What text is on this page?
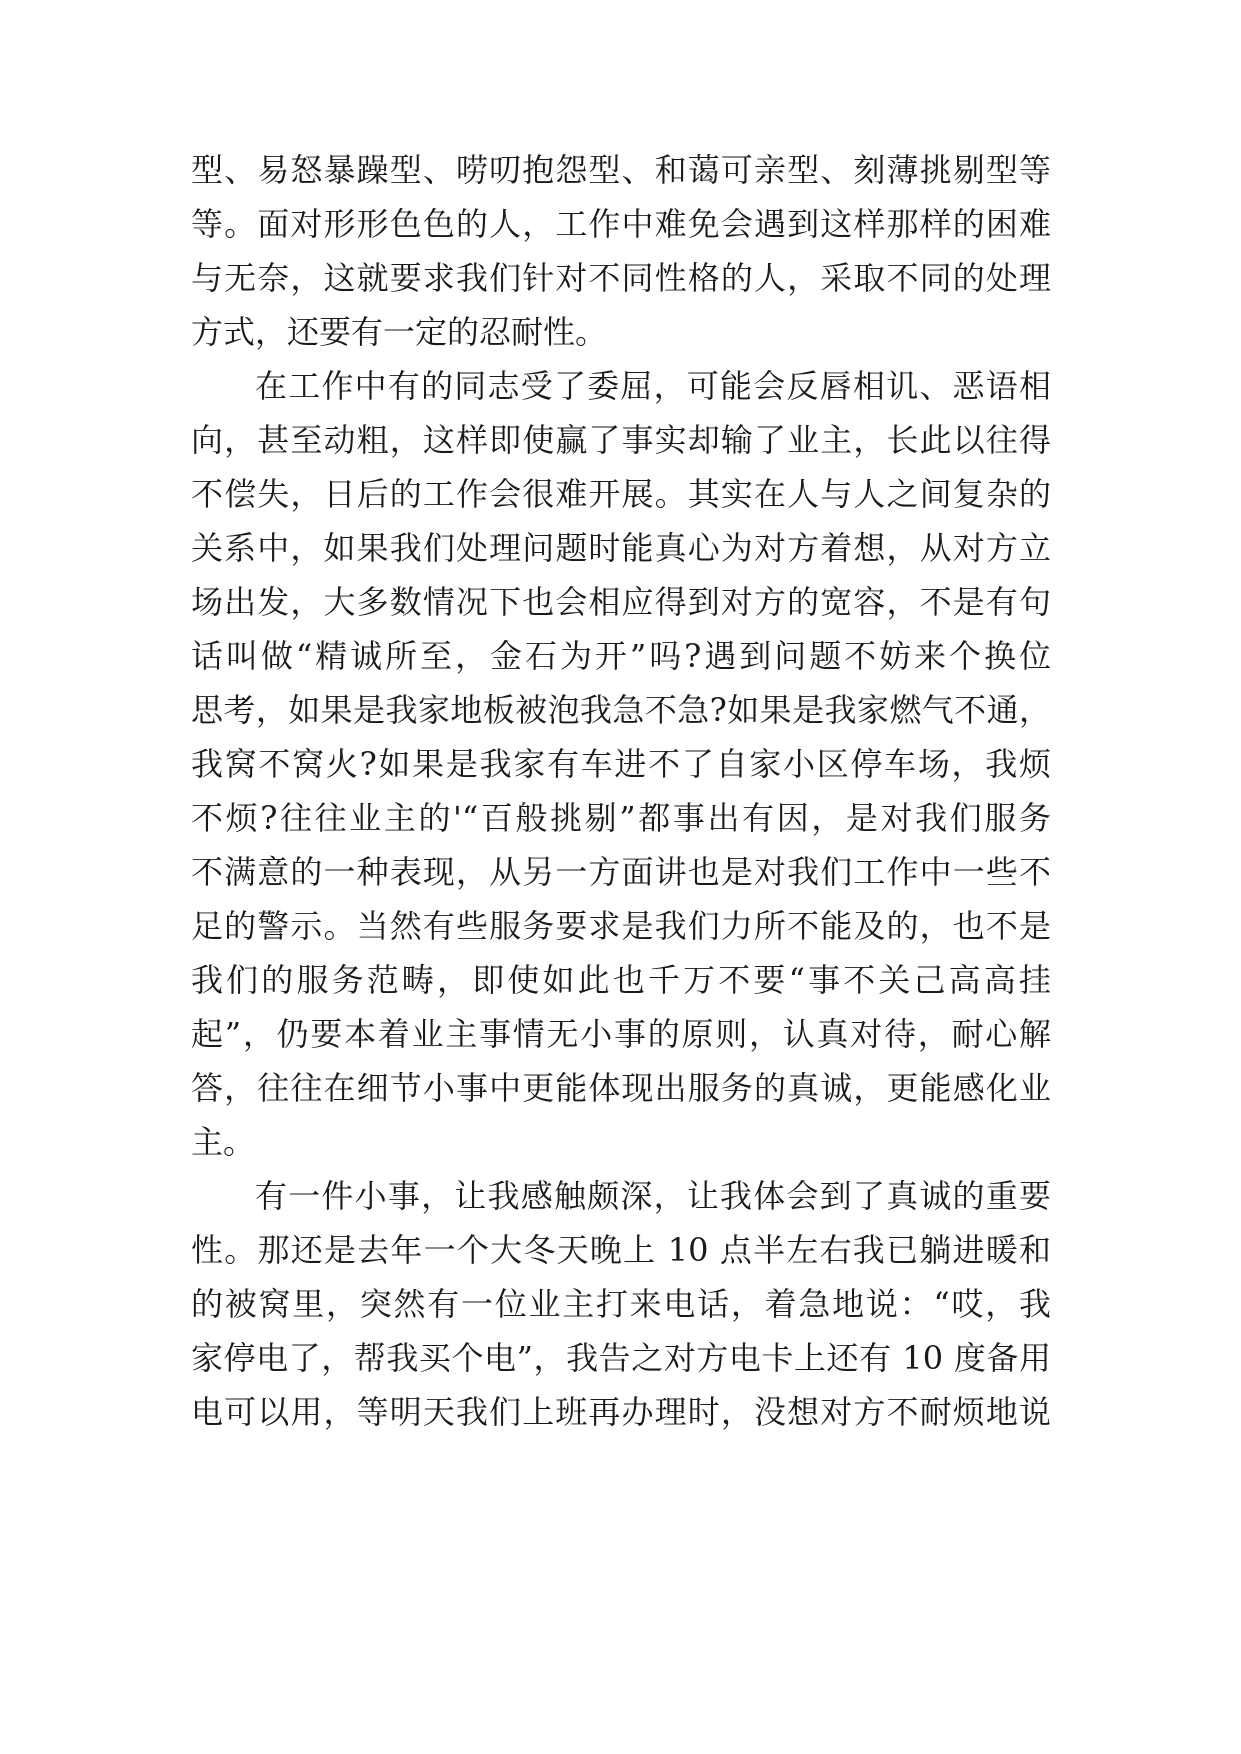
型、易怒暴躁型、唠叨抱怨型、和蔼可亲型、刻薄挑剔型等
等。面对形形色色的人，工作中难免会遇到这样那样的困难
与无奈，这就要求我们针对不同性格的人，采取不同的处理
方式，还要有一定的忍耐性。
在工作中有的同志受了委屈，可能会反唇相讥、恶语相
向，甚至动粗，这样即使赢了事实却输了业主，长此以往得
不偿失，日后的工作会很难开展。其实在人与人之间复杂的
关系中，如果我们处理问题时能真心为对方着想，从对方立
场出发，大多数情况下也会相应得到对方的宽容，不是有句
话叫做“精诚所至，金石为开”吗?遇到问题不妨来个换位
思考，如果是我家地板被泡我急不急?如果是我家燃气不通，
我窝不窝火?如果是我家有车进不了自家小区停车场，我烦
不烦?往往业主的'“百般挑剔”都事出有因，是对我们服务
不满意的一种表现，从另一方面讲也是对我们工作中一些不
足的警示。当然有些服务要求是我们力所不能及的，也不是
我们的服务范畴，即使如此也千万不要“事不关己高高挂
起”，仍要本着业主事情无小事的原则，认真对待，耐心解
答，往往在细节小事中更能体现出服务的真诚，更能感化业
主。
有一件小事，让我感触颇深，让我体会到了真诚的重要
性。那还是去年一个大冬天晚上 10 点半左右我已躺进暖和
的被窝里，突然有一位业主打来电话，着急地说：“哎，我
家停电了，帮我买个电”，我告之对方电卡上还有 10 度备用
电可以用，等明天我们上班再办理时，没想对方不耐烦地说
